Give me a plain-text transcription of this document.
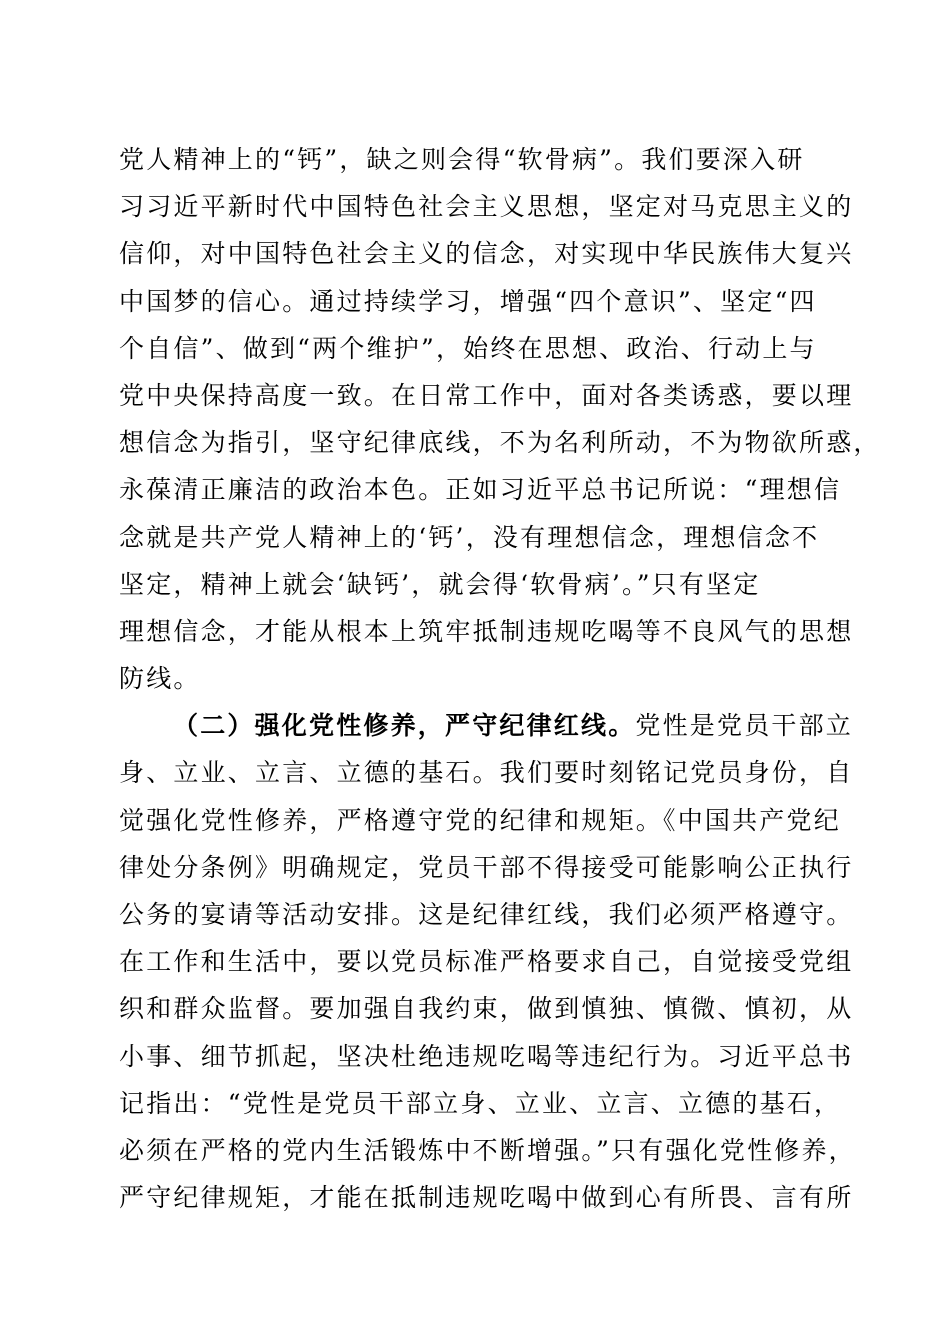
党人精神上的“钙”，缺之则会得“软骨病”。我们要深入研
习习近平新时代中国特色社会主义思想，坚定对马克思主义的
信仰，对中国特色社会主义的信念，对实现中华民族伟大复兴
中国梦的信心。通过持续学习，增强“四个意识”、坚定“四
个自信”、做到“两个维护”，始终在思想、政治、行动上与
党中央保持高度一致。在日常工作中，面对各类诱惑，要以理
想信念为指引，坚守纪律底线，不为名利所动，不为物欲所惑，
永葆清正廉洁的政治本色。正如习近平总书记所说：“理想信
念就是共产党人精神上的‘钙’，没有理想信念，理想信念不
坚定，精神上就会‘缺钙’，就会得‘软骨病’。”只有坚定
理想信念，才能从根本上筑牢抵制违规吃喝等不良风气的思想
防线。
（二）强化党性修养，严守纪律红线。党性是党员干部立
身、立业、立言、立德的基石。我们要时刻铭记党员身份，自
觉强化党性修养，严格遵守党的纪律和规矩。《中国共产党纪
律处分条例》明确规定，党员干部不得接受可能影响公正执行
公务的宴请等活动安排。这是纪律红线，我们必须严格遵守。
在工作和生活中，要以党员标准严格要求自己，自觉接受党组
织和群众监督。要加强自我约束，做到慎独、慎微、慎初，从
小事、细节抓起，坚决杜绝违规吃喝等违纪行为。习近平总书
记指出：“党性是党员干部立身、立业、立言、立德的基石，
必须在严格的党内生活锻炼中不断增强。”只有强化党性修养，
严守纪律规矩，才能在抵制违规吃喝中做到心有所畏、言有所
